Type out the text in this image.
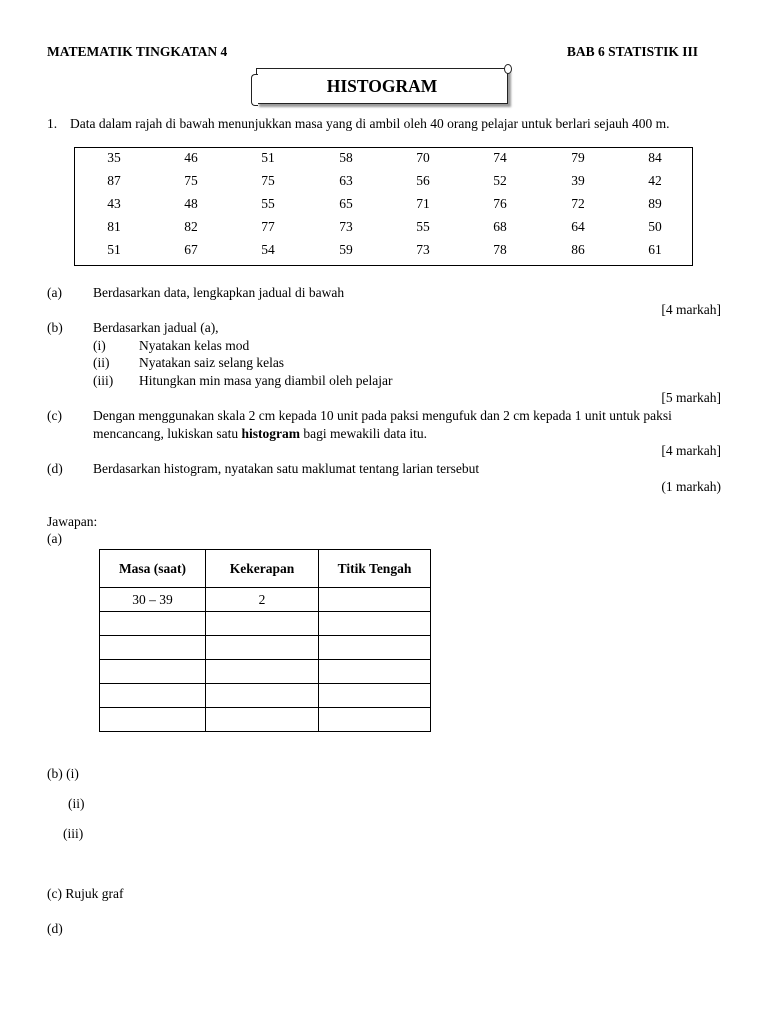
MATEMATIK TINGKATAN 4	BAB 6 STATISTIK III
HISTOGRAM
1. Data dalam rajah di bawah menunjukkan masa yang di ambil oleh 40 orang pelajar untuk berlari sejauh 400 m.
35	46	51	58	70	74	79	84
87	75	75	63	56	52	39	42
43	48	55	65	71	76	72	89
81	82	77	73	55	68	64	50
51	67	54	59	73	78	86	61
(a) Berdasarkan data, lengkapkan jadual di bawah
[4 markah]
(b) Berdasarkan jadual (a),
(i) Nyatakan kelas mod
(ii) Nyatakan saiz selang kelas
(iii) Hitungkan min masa yang diambil oleh pelajar
[5 markah]
(c) Dengan menggunakan skala 2 cm kepada 10 unit pada paksi mengufuk dan 2 cm kepada 1 unit untuk paksi
mencancang, lukiskan satu histogram bagi mewakili data itu.
[4 markah]
(d) Berdasarkan histogram, nyatakan satu maklumat tentang larian tersebut
(1 markah)
Jawapan:
(a)
Masa (saat)	Kekerapan	Titik Tengah
30 – 39	2	

(b) (i)
(ii)
(iii)
(c) Rujuk graf
(d)
